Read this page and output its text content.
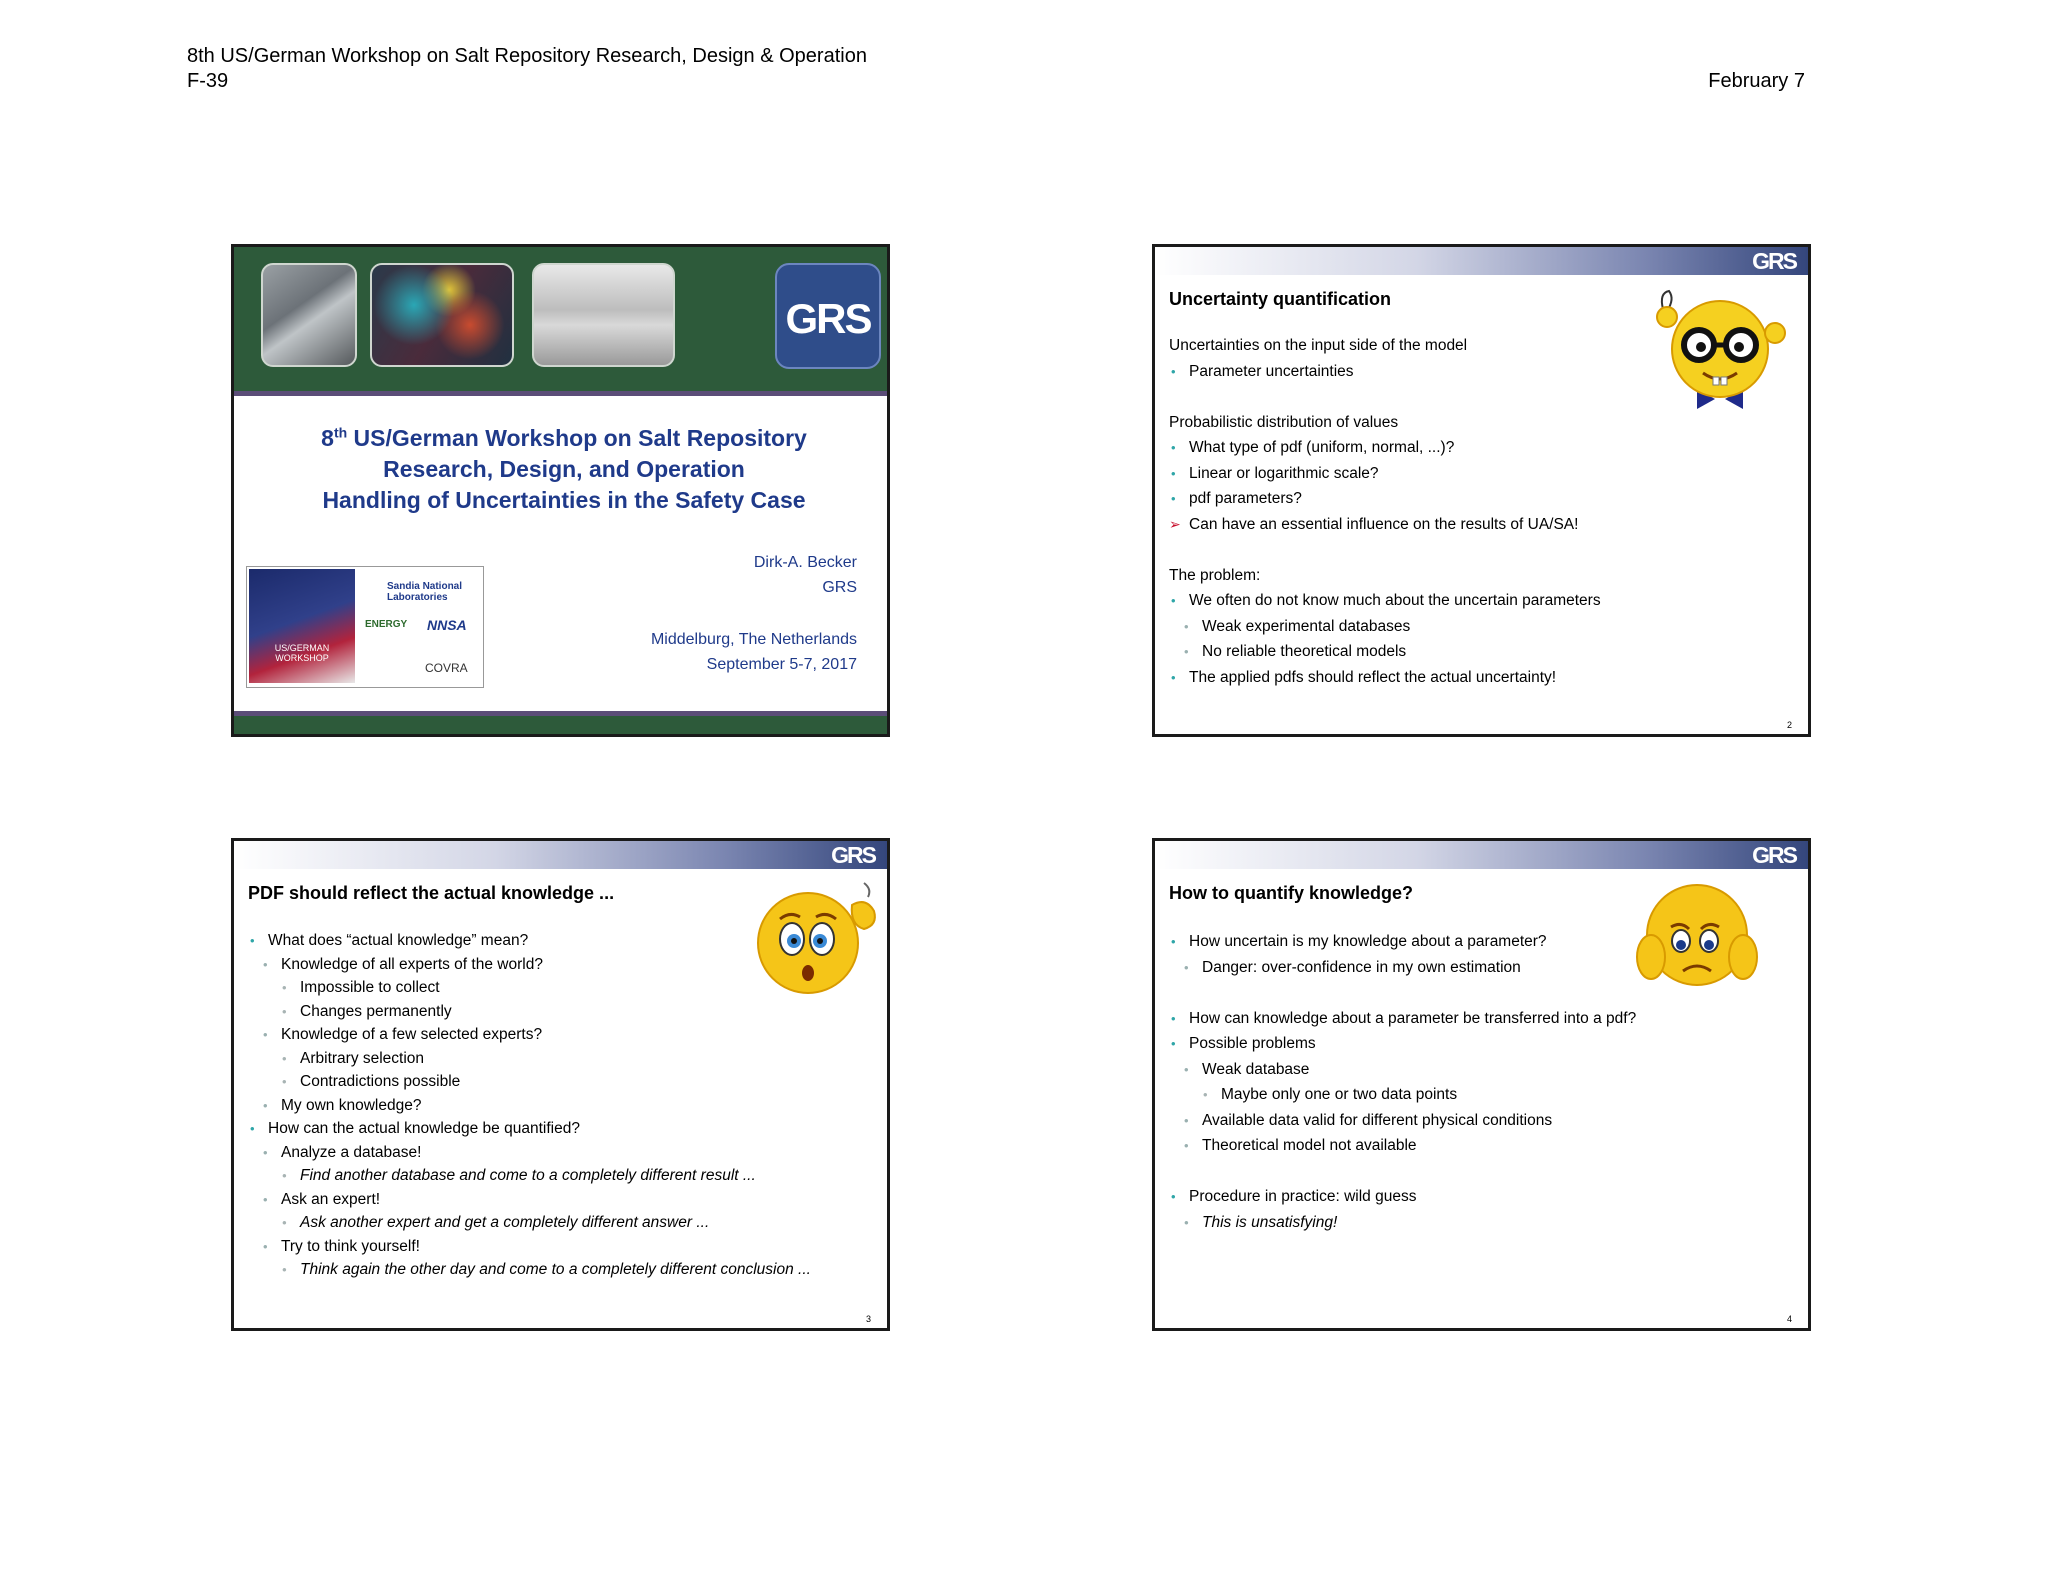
8th US/German Workshop on Salt Repository Research, Design & Operation
F-39	February 7
GRS
8th US/German Workshop on Salt Repository
Research, Design, and Operation
Handling of Uncertainties in the Safety Case
Dirk-A. Becker
GRS
Middelburg, The Netherlands
September 5-7, 2017
US/GERMAN WORKSHOP
Sandia National Laboratories
ENERGY NNSA
COVRA
GRS
Uncertainty quantification
Uncertainties on the input side of the model
• Parameter uncertainties
Probabilistic distribution of values
• What type of pdf (uniform, normal, ...)?
• Linear or logarithmic scale?
• pdf parameters?
➢ Can have an essential influence on the results of UA/SA!
The problem:
• We often do not know much about the uncertain parameters
• Weak experimental databases
• No reliable theoretical models
• The applied pdfs should reflect the actual uncertainty!
2
GRS
PDF should reflect the actual knowledge ...
• What does “actual knowledge” mean?
• Knowledge of all experts of the world?
• Impossible to collect
• Changes permanently
• Knowledge of a few selected experts?
• Arbitrary selection
• Contradictions possible
• My own knowledge?
• How can the actual knowledge be quantified?
• Analyze a database!
• Find another database and come to a completely different result ...
• Ask an expert!
• Ask another expert and get a completely different answer ...
• Try to think yourself!
• Think again the other day and come to a completely different conclusion ...
3
GRS
How to quantify knowledge?
• How uncertain is my knowledge about a parameter?
• Danger: over-confidence in my own estimation
• How can knowledge about a parameter be transferred into a pdf?
• Possible problems
• Weak database
• Maybe only one or two data points
• Available data valid for different physical conditions
• Theoretical model not available
• Procedure in practice: wild guess
• This is unsatisfying!
4
